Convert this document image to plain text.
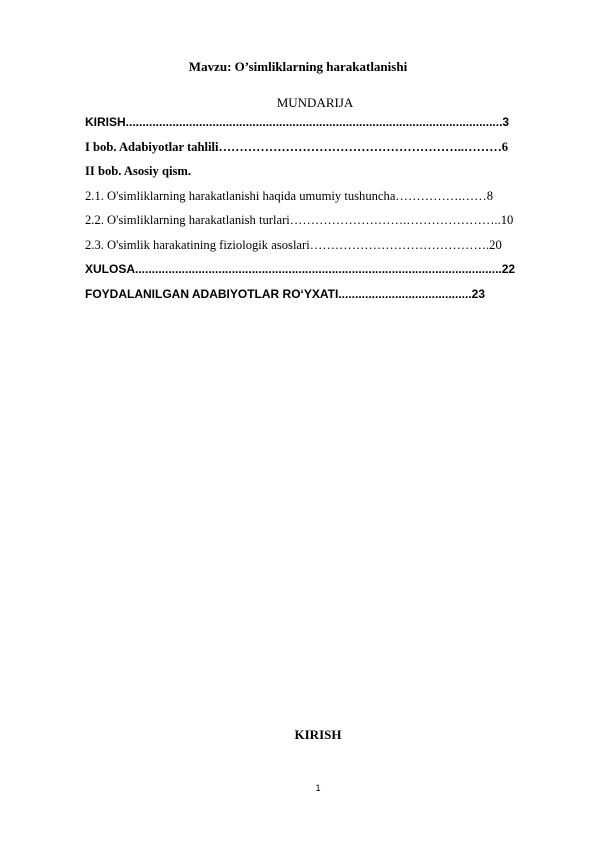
Mavzu: O’simliklarning harakatlanishi
MUNDARIJA
KIRISH.................................................................................................................3
I bob. Adabiyotlar tahlili…………………………………………………..………6
II bob. Asosiy qism.
2.1. O'simliklarning harakatlanishi haqida umumiy tushuncha…………….……8
2.2. O'simliklarning harakatlanish turlari……………………….…………………..10
2.3. O'simlik harakatining fiziologik asoslari…………………………………….20
XULOSA..............................................................................................................22
FOYDALANILGAN ADABIYOTLAR RO‘YXATI........................................23
KIRISH
1
